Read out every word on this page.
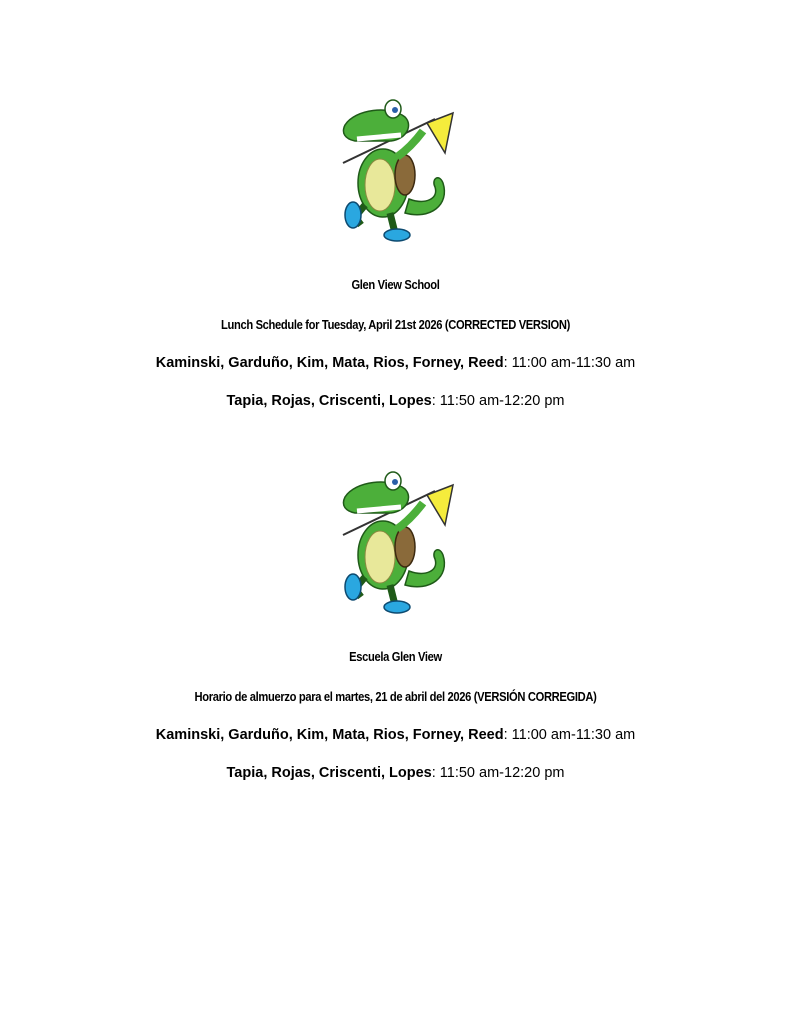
Glen View School
Lunch Schedule for Tuesday, April 21st 2026 (CORRECTED VERSION)
Kaminski, Garduño, Kim, Mata, Rios, Forney, Reed: 11:00 am-11:30 am
Tapia, Rojas, Criscenti, Lopes: 11:50 am-12:20 pm
Escuela Glen View
Horario de almuerzo para el martes, 21 de abril del 2026 (VERSIÓN CORREGIDA)
Kaminski, Garduño, Kim, Mata, Rios, Forney, Reed: 11:00 am-11:30 am
Tapia, Rojas, Criscenti, Lopes: 11:50 am-12:20 pm
